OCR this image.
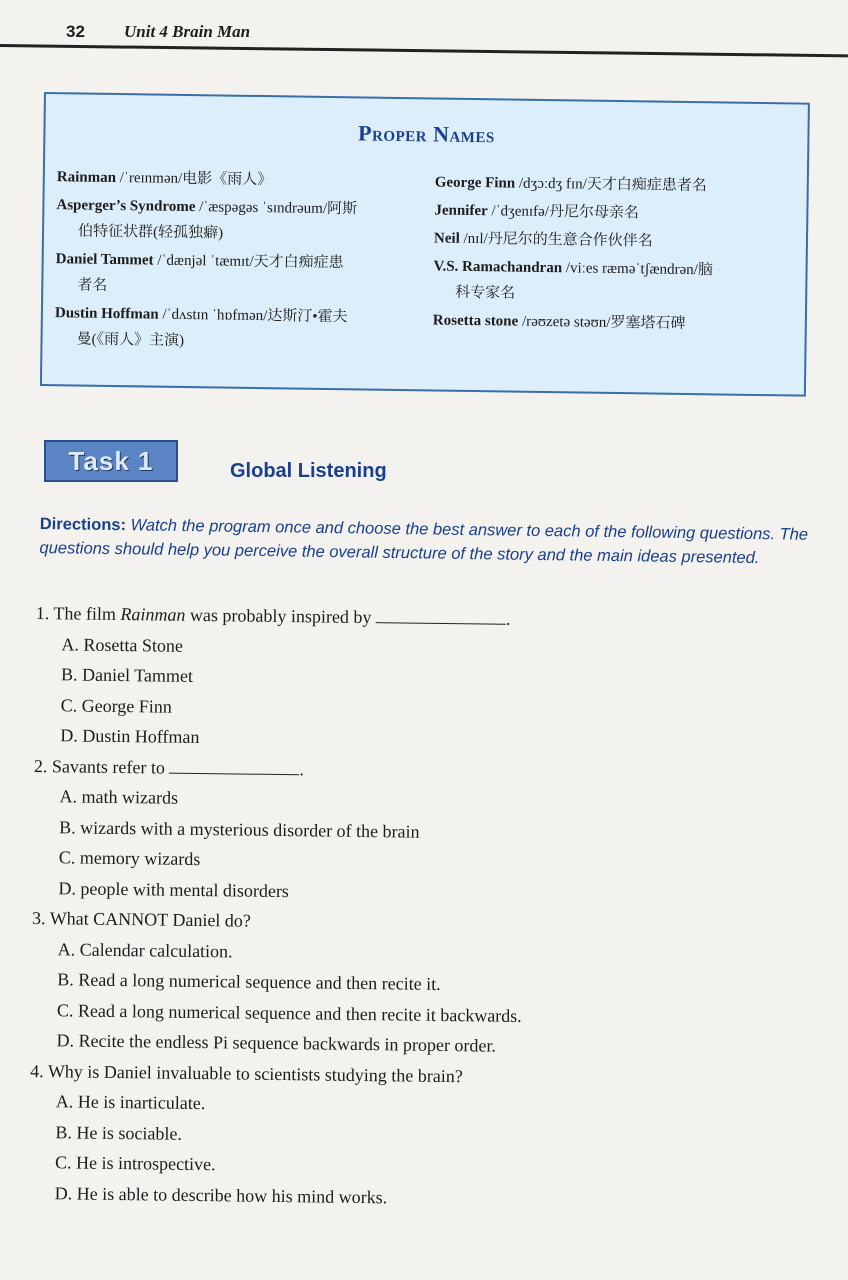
32 Unit 4 Brain Man
Proper Names
Rainman /ˈreɪnmən/电影《雨人》
Asperger’s Syndrome /ˈæspəgəs ˈsɪndrəum/阿斯
伯特征状群(轻孤独癖)
Daniel Tammet /ˈdænjəl ˈtæmɪt/天才白痴症患
者名
Dustin Hoffman /ˈdʌstɪn ˈhɒfmən/达斯汀•霍夫
曼(《雨人》主演)
George Finn /dʒɔːdʒ fɪn/天才白痴症患者名
Jennifer /ˈdʒenɪfə/丹尼尔母亲名
Neil /nɪl/丹尼尔的生意合作伙伴名
V.S. Ramachandran /viːes ræməˈtʃændrən/脑
科专家名
Rosetta stone /rəʊzetə stəʊn/罗塞塔石碑
Task 1	Global Listening
Directions: Watch the program once and choose the best answer to each of the following questions. The questions should help you perceive the overall structure of the story and the main ideas presented.
1. The film Rainman was probably inspired by	.
A. Rosetta Stone
B. Daniel Tammet
C. George Finn
D. Dustin Hoffman
2. Savants refer to	.
A. math wizards
B. wizards with a mysterious disorder of the brain
C. memory wizards
D. people with mental disorders
3. What CANNOT Daniel do?
A. Calendar calculation.
B. Read a long numerical sequence and then recite it.
C. Read a long numerical sequence and then recite it backwards.
D. Recite the endless Pi sequence backwards in proper order.
4. Why is Daniel invaluable to scientists studying the brain?
A. He is inarticulate.
B. He is sociable.
C. He is introspective.
D. He is able to describe how his mind works.
